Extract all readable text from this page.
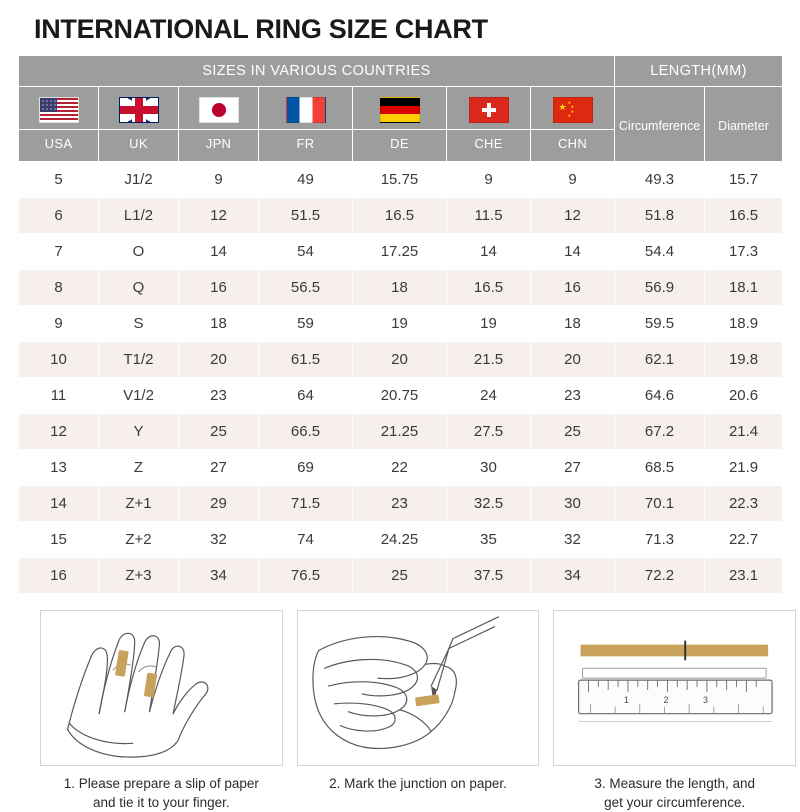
INTERNATIONAL RING SIZE CHART
SIZES IN VARIOUS COUNTRIES							LENGTH(MM)	

						★ ★
★
★
★	Circumference	Diameter
USA	UK	JPN	FR	DE	CHE	CHN		
5	J1/2	9	49	15.75	9	9	49.3	15.7
6	L1/2	12	51.5	16.5	11.5	12	51.8	16.5
7	O	14	54	17.25	14	14	54.4	17.3
8	Q	16	56.5	18	16.5	16	56.9	18.1
9	S	18	59	19	19	18	59.5	18.9
10	T1/2	20	61.5	20	21.5	20	62.1	19.8
11	V1/2	23	64	20.75	24	23	64.6	20.6
12	Y	25	66.5	21.25	27.5	25	67.2	21.4
13	Z	27	69	22	30	27	68.5	21.9
14	Z+1	29	71.5	23	32.5	30	70.1	22.3
15	Z+2	32	74	24.25	35	32	71.3	22.7
16	Z+3	34	76.5	25	37.5	34	72.2	23.1
1. Please prepare a slip of paper
and tie it to your finger.
2. Mark the junction on paper.
1	2	3
3. Measure the length, and
get your circumference.
